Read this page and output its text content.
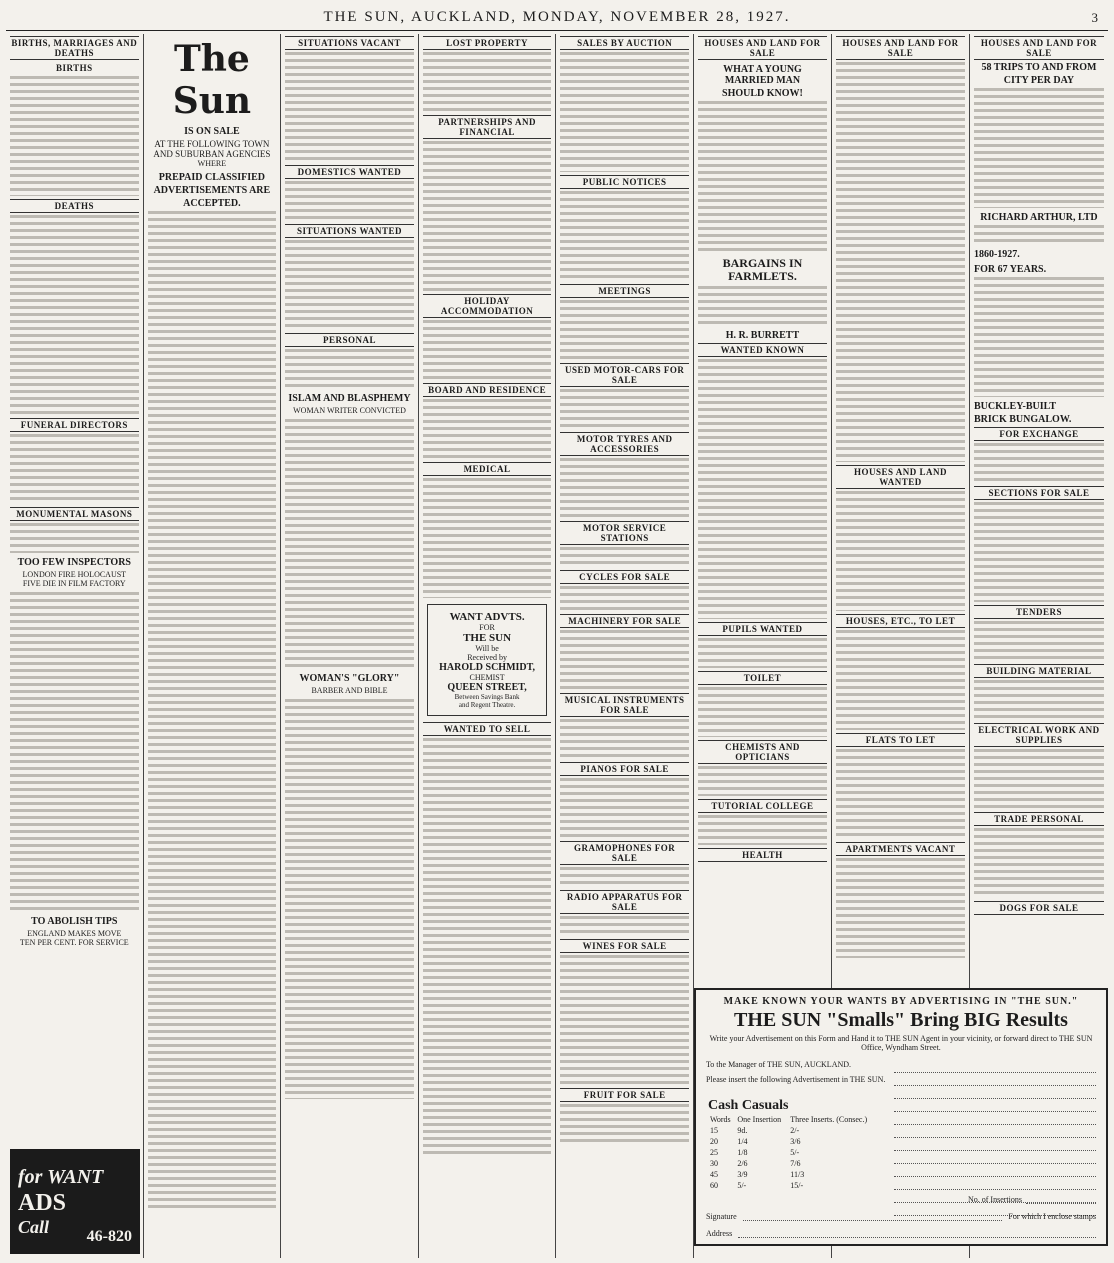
THE SUN, AUCKLAND, MONDAY, NOVEMBER 28, 1927.	3
BIRTHS, MARRIAGES AND DEATHS
BIRTHS
DEATHS
FUNERAL DIRECTORS
MONUMENTAL MASONS
TOO FEW INSPECTORS
LONDON FIRE HOLOCAUST
FIVE DIE IN FILM FACTORY
TO ABOLISH TIPS
ENGLAND MAKES MOVE
TEN PER CENT. FOR SERVICE
for WANT
ADS
Call	46-820
The Sun
IS ON SALE
AT THE FOLLOWING TOWN
AND SUBURBAN AGENCIES
WHERE
PREPAID CLASSIFIED
ADVERTISEMENTS ARE
ACCEPTED.
SITUATIONS VACANT
DOMESTICS WANTED
SITUATIONS WANTED
PERSONAL
ISLAM AND BLASPHEMY
WOMAN WRITER CONVICTED
WOMAN'S "GLORY"
BARBER AND BIBLE
LOST PROPERTY
PARTNERSHIPS AND FINANCIAL
HOLIDAY ACCOMMODATION
BOARD AND RESIDENCE
MEDICAL
WANT ADVTS.
FOR
THE SUN
Will be
Received by
HAROLD SCHMIDT,
CHEMIST
QUEEN STREET,
Between Savings Bank
and Regent Theatre.
WANTED TO SELL
SALES BY AUCTION
PUBLIC NOTICES
MEETINGS
USED MOTOR-CARS FOR SALE
MOTOR TYRES AND ACCESSORIES
MOTOR SERVICE STATIONS
CYCLES FOR SALE
MACHINERY FOR SALE
MUSICAL INSTRUMENTS FOR SALE
PIANOS FOR SALE
GRAMOPHONES FOR SALE
RADIO APPARATUS FOR SALE
WINES FOR SALE
FRUIT FOR SALE
HOUSES AND LAND FOR SALE
WHAT A YOUNG MARRIED MAN
SHOULD KNOW!
BARGAINS IN FARMLETS.
H. R. BURRETT
WANTED KNOWN
PUPILS WANTED
TOILET
CHEMISTS AND OPTICIANS
TUTORIAL COLLEGE
HEALTH
HOUSES AND LAND FOR SALE
HOUSES AND LAND WANTED
HOUSES, ETC., TO LET
FLATS TO LET
APARTMENTS VACANT
HOUSES AND LAND FOR SALE
58 TRIPS TO AND FROM
CITY PER DAY
RICHARD ARTHUR, LTD
1860-1927.
FOR 67 YEARS.
BUCKLEY-BUILT
BRICK BUNGALOW.
FOR EXCHANGE
SECTIONS FOR SALE
TENDERS
BUILDING MATERIAL
ELECTRICAL WORK AND SUPPLIES
TRADE PERSONAL
DOGS FOR SALE
MAKE KNOWN YOUR WANTS BY ADVERTISING IN "THE SUN."
THE SUN "Smalls" Bring BIG Results
Write your Advertisement on this Form and Hand it to THE SUN Agent in your vicinity, or forward direct to THE SUN Office, Wyndham Street.
To the Manager of THE SUN, AUCKLAND.
Please insert the following Advertisement in THE SUN.
Cash Casuals
Words	One Insertion	Three Inserts. (Consec.)
15	9d.	2/-
20	1/4	3/6
25	1/8	5/-
30	2/6	7/6
45	3/9	11/3
60	5/-	15/-
No. of Insertions
Signature	For which I enclose stamps
Address
